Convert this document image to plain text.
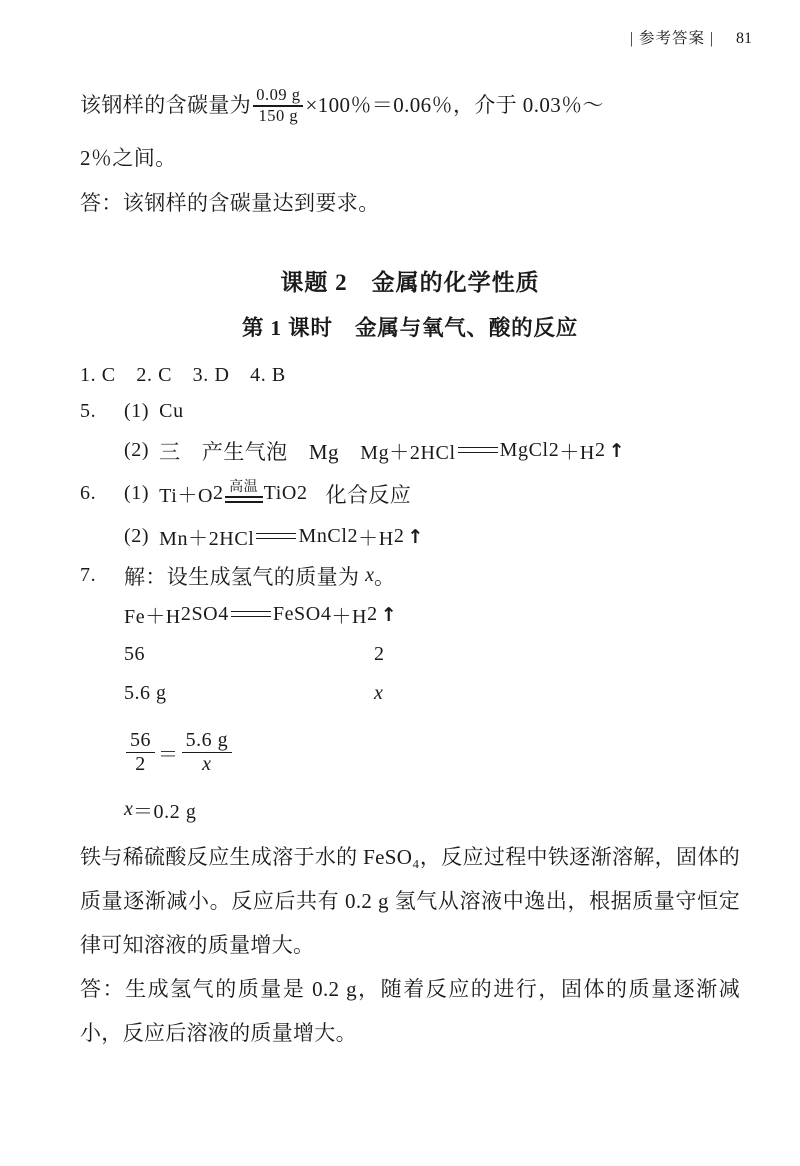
| 参考答案 | 81
该钢样的含碳量为 $\frac{0.09 g}{150 g} \times 100$％＝0.06％，介于 0.03％～
2％之间。
答：该钢样的含碳量达到要求。
课题 2　金属的化学性质
第 1 课时　金属与氧气、酸的反应
1. C　2. C　3. D　4. B
5.	(1) Cu
(2) 三　产生气泡　Mg　 Mg＋2HCl MgCl 2 ＋H 2 ↑
6.	(1) Ti＋O 2 高温 TiO 2 化合反应
(2) Mn＋2HCl MnCl 2 ＋H 2 ↑
7.	解：设生成氢气的质量为 x 。
Fe＋H 2 SO 4 FeSO 4 ＋H 2 ↑
56	2
5.6 g	x
$\frac{56}{2} = \frac{5.6 g}{x}$
x ＝0.2 g
铁与稀硫酸反应生成溶于水的 FeSO₄，反应过程中铁逐渐溶解，固体的质量逐渐减小。反应后共有 0.2 g 氢气从溶液中逸出，根据质量守恒定律可知溶液的质量增大。
答：生成氢气的质量是 0.2 g，随着反应的进行，固体的质量逐渐减小，反应后溶液的质量增大。
